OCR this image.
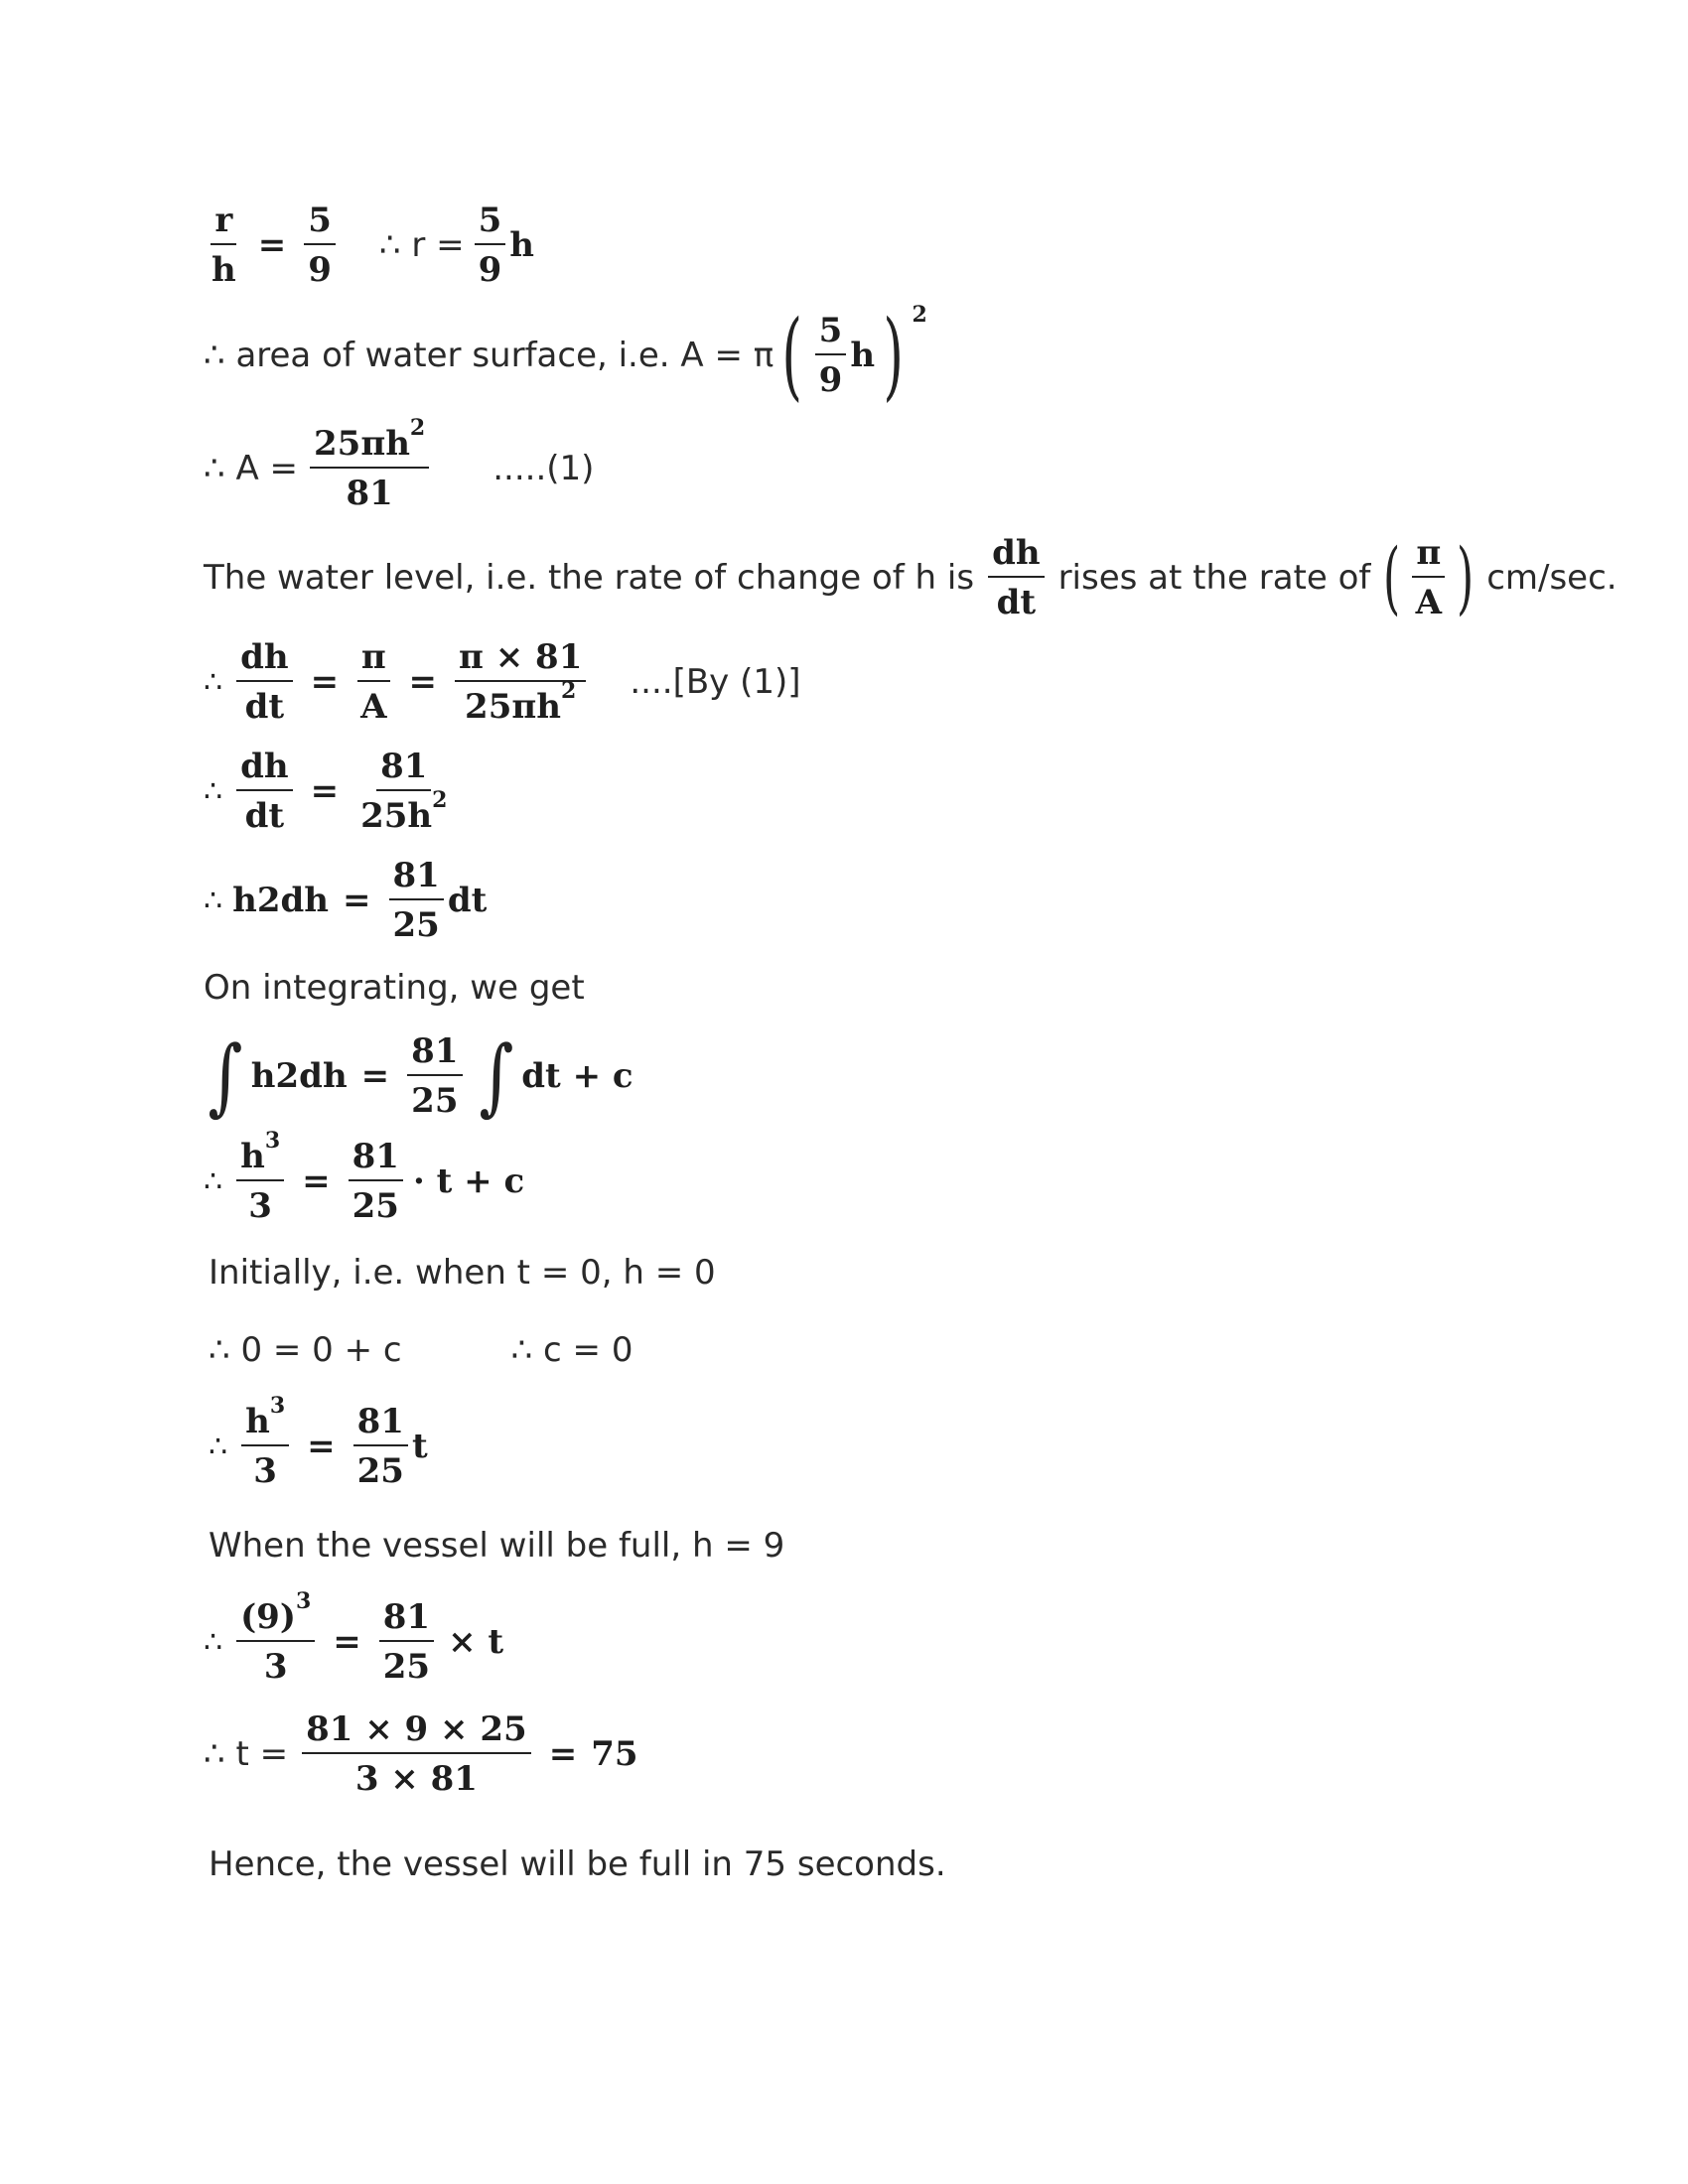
$\frac{r}{h} = \frac{5}{9}$ ∴ $r = \frac{5}{9}$ h
∴ area of water surface, i.e. A = π ( $\frac{5}{9}$ h ) 2
∴ $A = \frac{25\pi h^2}{81} .....(1)$
The water level, i.e. the rate of change of h is $\frac{dh}{dt}$ rises at the rate of ( $\frac{\pi}{A}$ ) cm/sec.
∴ $\frac{dh}{dt} = \frac{\pi}{A} = \frac{\pi \times 81}{25\pi h^2} ....[By$ (1)]
∴ $\frac{dh}{dt} = \frac{81}{25h^2}$
∴ h 2 dh = $\frac{81}{25}$ dt
On integrating, we get
∫ h 2 dh = $\frac{81}{25}$ ∫ dt + c
∴ $\frac{h^3}{3} = \frac{81}{25} \cdot t + c$
Initially, i.e. when t = 0, h = 0
∴ 0 = 0 + c	∴ c = 0
∴ $\frac{h^3}{3} = \frac{81}{25}$ t
When the vessel will be full, h = 9
∴ $\frac{(9)^3}{3} = \frac{81}{25} \times t$
∴ $t = \frac{81 \times 9 \times 25}{3 \times 81} = 75$
Hence, the vessel will be full in 75 seconds.
